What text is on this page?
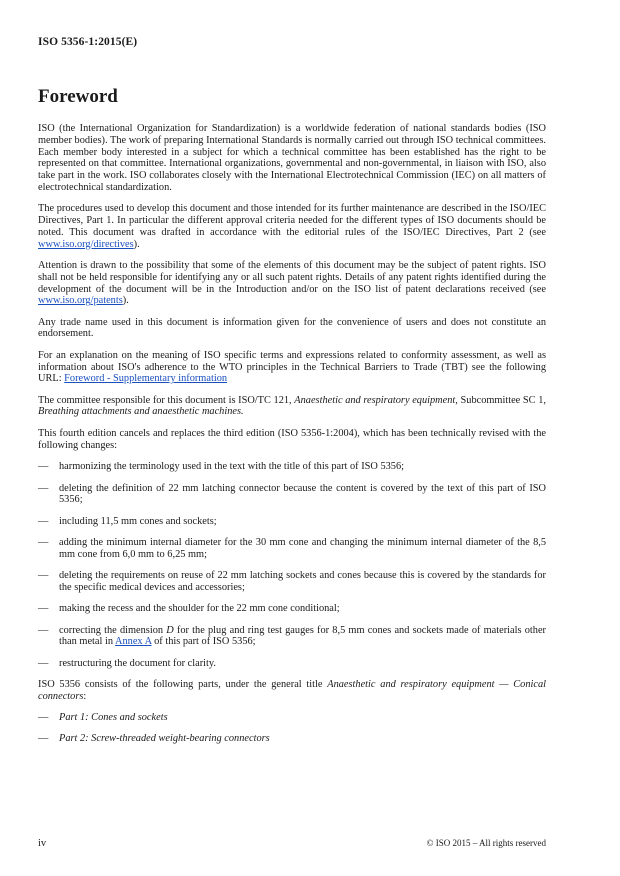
ISO 5356-1:2015(E)
Foreword

ISO (the International Organization for Standardization) is a worldwide federation of national standards bodies (ISO member bodies). The work of preparing International Standards is normally carried out through ISO technical committees. Each member body interested in a subject for which a technical committee has been established has the right to be represented on that committee. International organizations, governmental and non-governmental, in liaison with ISO, also take part in the work. ISO collaborates closely with the International Electrotechnical Commission (IEC) on all matters of electrotechnical standardization.

The procedures used to develop this document and those intended for its further maintenance are described in the ISO/IEC Directives, Part 1. In particular the different approval criteria needed for the different types of ISO documents should be noted. This document was drafted in accordance with the editorial rules of the ISO/IEC Directives, Part 2 (see www.iso.org/directives).

Attention is drawn to the possibility that some of the elements of this document may be the subject of patent rights. ISO shall not be held responsible for identifying any or all such patent rights. Details of any patent rights identified during the development of the document will be in the Introduction and/or on the ISO list of patent declarations received (see www.iso.org/patents).

Any trade name used in this document is information given for the convenience of users and does not constitute an endorsement.

For an explanation on the meaning of ISO specific terms and expressions related to conformity assessment, as well as information about ISO's adherence to the WTO principles in the Technical Barriers to Trade (TBT) see the following URL: Foreword - Supplementary information

The committee responsible for this document is ISO/TC 121, Anaesthetic and respiratory equipment, Subcommittee SC 1, Breathing attachments and anaesthetic machines.

This fourth edition cancels and replaces the third edition (ISO 5356-1:2004), which has been technically revised with the following changes:

—	harmonizing the terminology used in the text with the title of this part of ISO 5356;
—	deleting the definition of 22 mm latching connector because the content is covered by the text of this part of ISO 5356;
—	including 11,5 mm cones and sockets;
—	adding the minimum internal diameter for the 30 mm cone and changing the minimum internal diameter of the 8,5 mm cone from 6,0 mm to 6,25 mm;
—	deleting the requirements on reuse of 22 mm latching sockets and cones because this is covered by the standards for the specific medical devices and accessories;
—	making the recess and the shoulder for the 22 mm cone conditional;
—	correcting the dimension D for the plug and ring test gauges for 8,5 mm cones and sockets made of materials other than metal in Annex A of this part of ISO 5356;
—	restructuring the document for clarity.

ISO 5356 consists of the following parts, under the general title Anaesthetic and respiratory equipment — Conical connectors:

—	Part 1: Cones and sockets
—	Part 2: Screw-threaded weight-bearing connectors
iv	© ISO 2015 – All rights reserved
